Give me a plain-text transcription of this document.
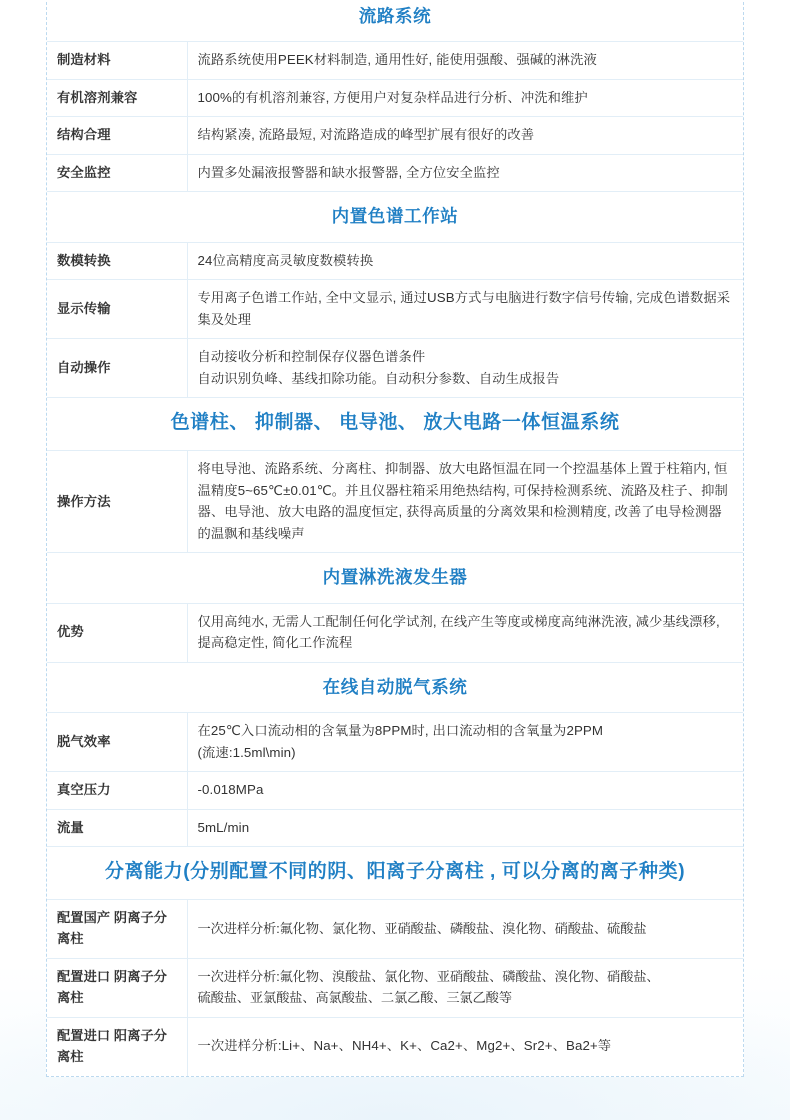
流路系统	
制造材料	流路系统使用PEEK材料制造, 通用性好, 能使用强酸、强碱的淋洗液

有机溶剂兼容	100%的有机溶剂兼容, 方便用户对复杂样品进行分析、冲洗和维护

结构合理	结构紧凑, 流路最短, 对流路造成的峰型扩展有很好的改善

安全监控	内置多处漏液报警器和缺水报警器, 全方位安全监控

内置色谱工作站	
数模转换	24位高精度高灵敏度数模转换

显示传输	专用离子色谱工作站, 全中文显示, 通过USB方式与电脑进行数字信号传输, 完成色谱数据采集及处理

自动操作	自动接收分析和控制保存仪器色谱条件
自动识别负峰、基线扣除功能。自动积分参数、自动生成报告

色谱柱、 抑制器、 电导池、 放大电路一体恒温系统	
操作方法	将电导池、流路系统、分离柱、抑制器、放大电路恒温在同一个控温基体上置于柱箱内, 恒温精度5~65℃±0.01℃。并且仪器柱箱采用绝热结构, 可保持检测系统、流路及柱子、抑制器、电导池、放大电路的温度恒定, 获得高质量的分离效果和检测精度, 改善了电导检测器的温飘和基线噪声

内置淋洗液发生器	
优势	仅用高纯水, 无需人工配制任何化学试剂, 在线产生等度或梯度高纯淋洗液, 减少基线漂移, 提高稳定性, 简化工作流程

在线自动脱气系统	
脱气效率	在25℃入口流动相的含氧量为8PPM时, 出口流动相的含氧量为2PPM
(流速:1.5ml\min)

真空压力	-0.018MPa

流量	5mL/min

分离能力(分别配置不同的阴、阳离子分离柱 , 可以分离的离子种类)	
配置国产 阴离子分离柱	一次进样分析:氟化物、氯化物、亚硝酸盐、磷酸盐、溴化物、硝酸盐、硫酸盐

配置进口 阴离子分离柱	一次进样分析:氟化物、溴酸盐、氯化物、亚硝酸盐、磷酸盐、溴化物、硝酸盐、
硫酸盐、亚氯酸盐、高氯酸盐、二氯乙酸、三氯乙酸等

配置进口 阳离子分离柱	一次进样分析:Li+、Na+、NH4+、K+、Ca2+、Mg2+、Sr2+、Ba2+等
